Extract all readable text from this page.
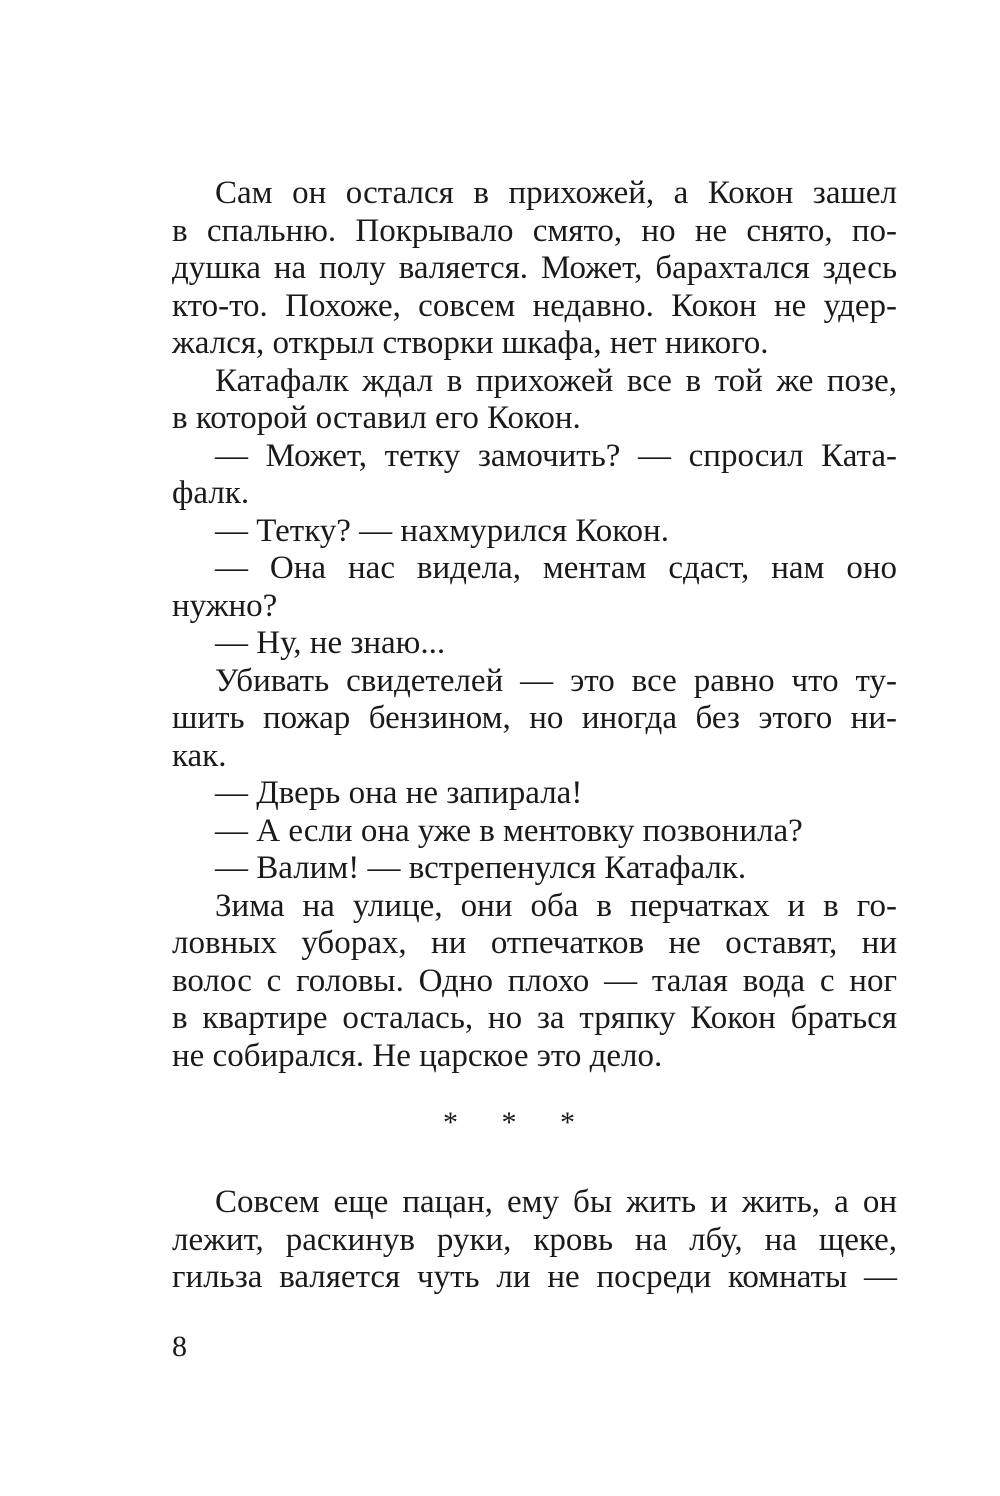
Сам он остался в прихожей, а Кокон зашел
в спальню. Покрывало смято, но не снято, по-
душка на полу валяется. Может, барахтался здесь
кто-то. Похоже, совсем недавно. Кокон не удер-
жался, открыл створки шкафа, нет никого.
Катафалк ждал в прихожей все в той же позе,
в которой оставил его Кокон.
— Может, тетку замочить? — спросил Ката-
фалк.
— Тетку? — нахмурился Кокон.
— Она нас видела, ментам сдаст, нам оно
нужно?
— Ну, не знаю...
Убивать свидетелей — это все равно что ту-
шить пожар бензином, но иногда без этого ни-
как.
— Дверь она не запирала!
— А если она уже в ментовку позвонила?
— Валим! — встрепенулся Катафалк.
Зима на улице, они оба в перчатках и в го-
ловных уборах, ни отпечатков не оставят, ни
волос с головы. Одно плохо — талая вода с ног
в квартире осталась, но за тряпку Кокон браться
не собирался. Не царское это дело.
* * *
Совсем еще пацан, ему бы жить и жить, а он
лежит, раскинув руки, кровь на лбу, на щеке,
гильза валяется чуть ли не посреди комнаты —
8
